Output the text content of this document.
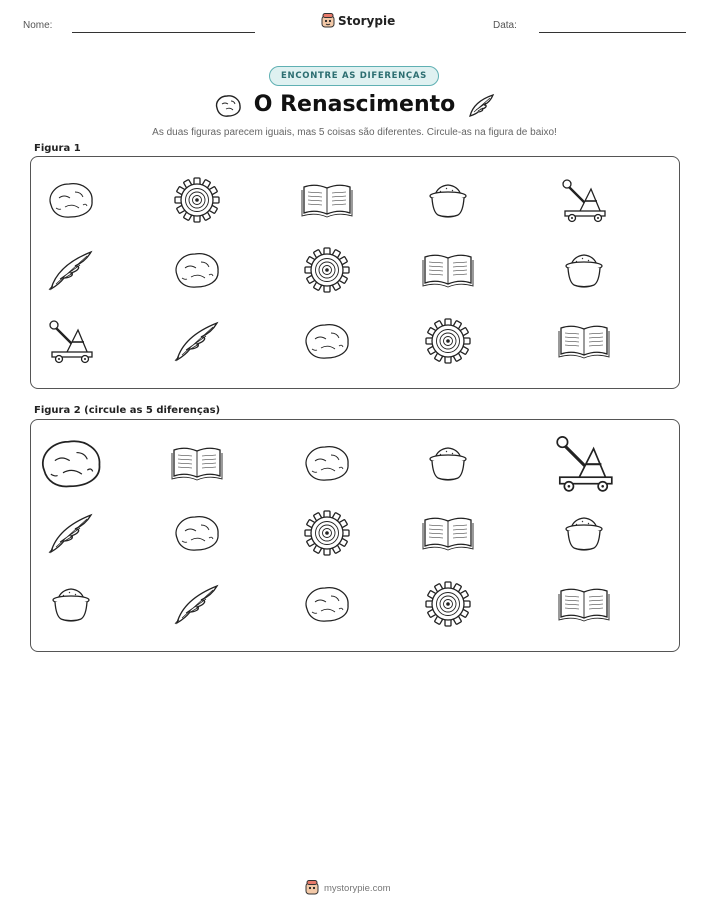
Nome:	Data:
Storypie
ENCONTRE AS DIFERENÇAS
O Renascimento
As duas figuras parecem iguais, mas 5 coisas são diferentes. Circule-as na figura de baixo!
Figura 1
Figura 2 (circule as 5 diferenças)
mystorypie.com
